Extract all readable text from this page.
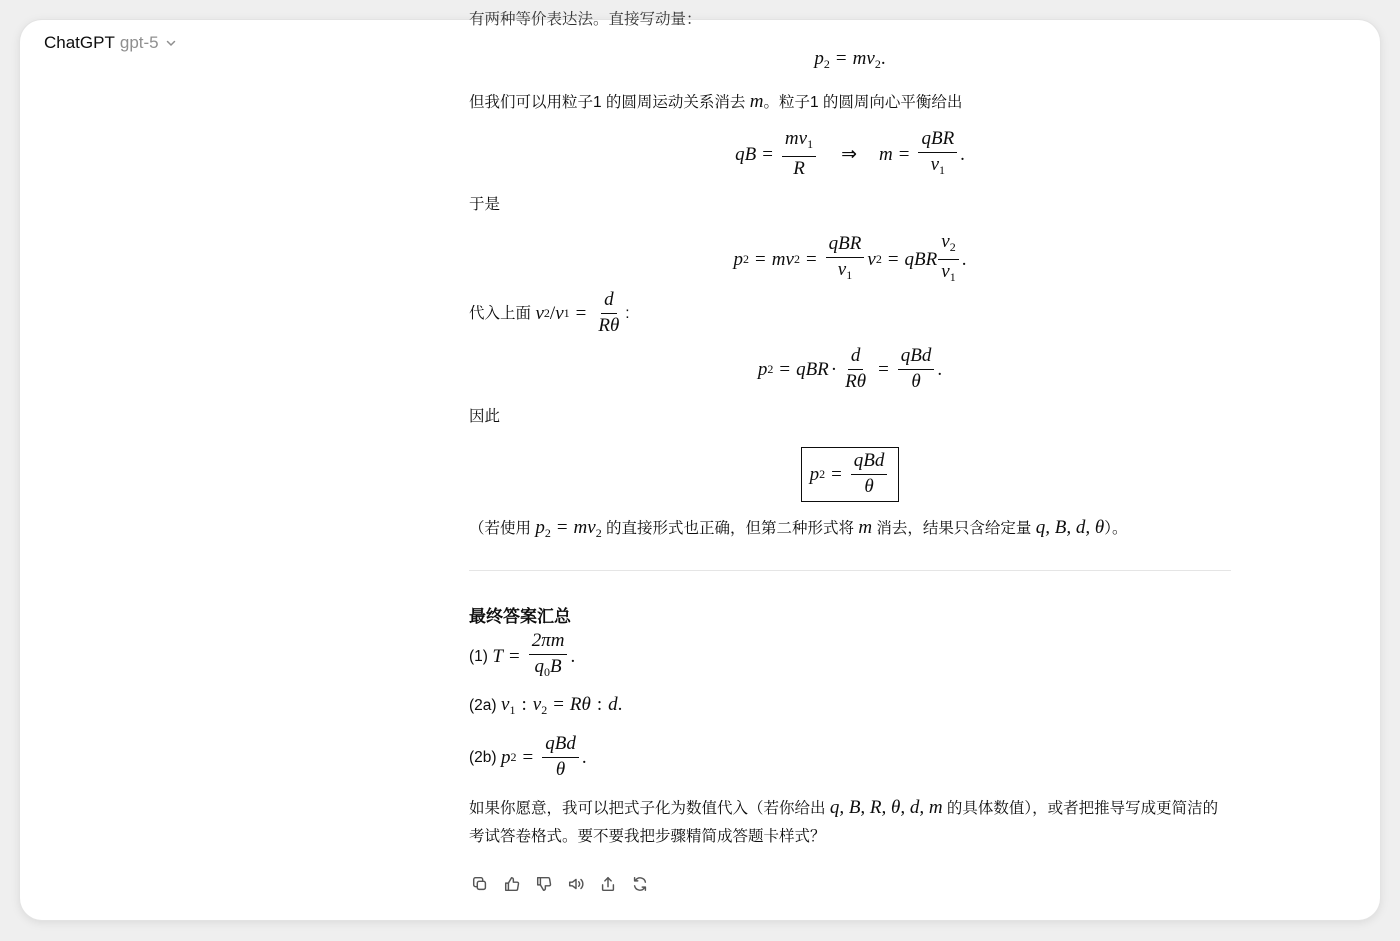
ChatGPT gpt-5
有两种等价表达法。直接写动量：
$p_2 = mv_2$.
但我们可以用粒子1 的圆周运动关系消去 m。粒子1 的圆周向心平衡给出
q $B = \frac{mv_1}{R}$ ⇒ $m = \frac{\text{qBR}}{v_1}$ .
于是
p 2 = m v $2 = \frac{\text{qBR}}{v_1}$ v 2 = q B R $\frac{v_2}{v_1}$ .
代入上面
v 2 / v $1 = \frac{d}{R\theta}$ :
p 2 = q B $R \cdot \frac{d}{R\theta} = \frac{\text{qBd}}{\theta}$ .
因此
p $2 = \frac{\text{qBd}}{\theta}$
（若使用 $p_2 = mv_2$ 的直接形式也正确，但第二种形式将 m 消去，结果只含给定量 q, B, d, θ）。
最终答案汇总
(1)
$T = \frac{2\pi m}{q_0B}$ .
(2a) $v_1$ : $v_2 = R\theta$ : d.
(2b)
p $2 = \frac{\text{qBd}}{\theta}$ .
如果你愿意，我可以把式子化为数值代入（若你给出 q, B, R, θ, d, m 的具体数值），或者把推导写成更简洁的考试答卷格式。要不要我把步骤精简成答题卡样式？
